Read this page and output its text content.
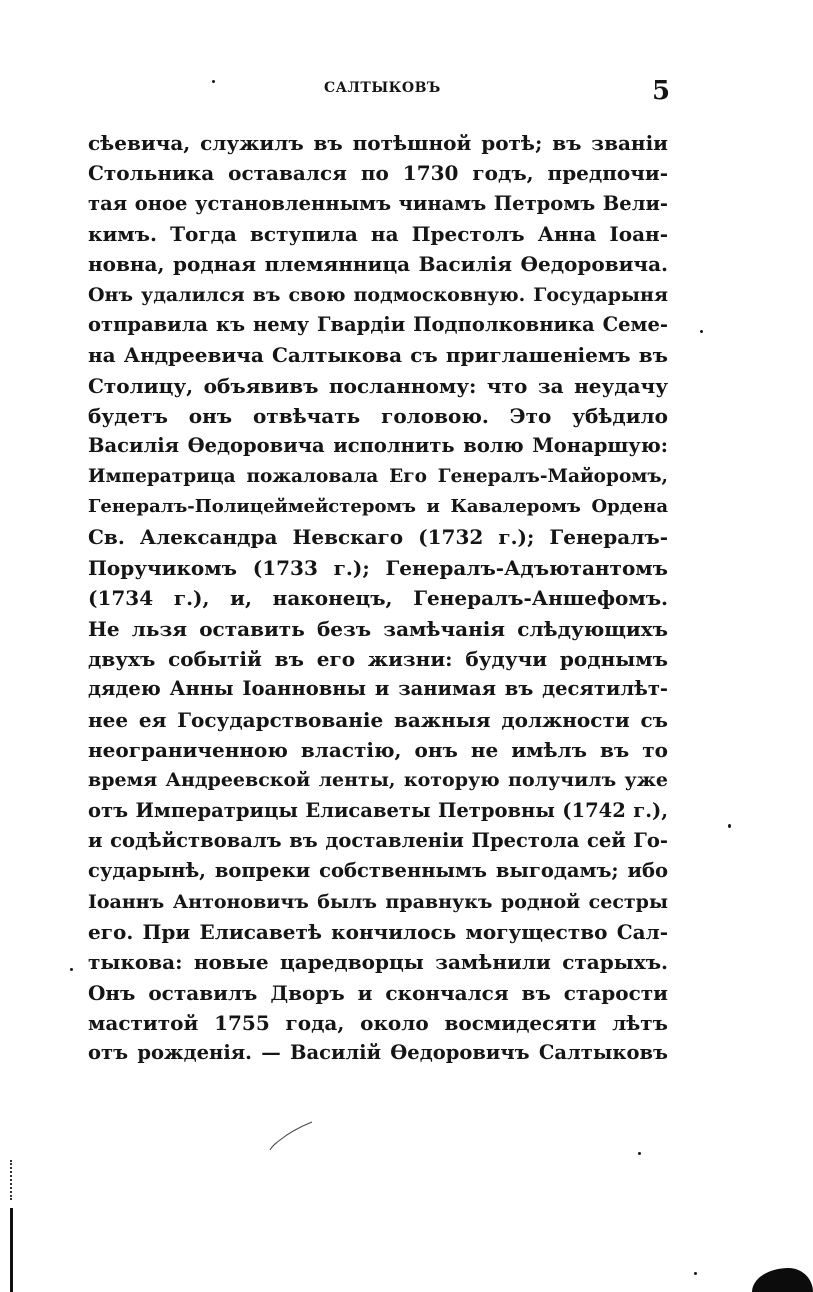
САЛТЫКОВЪ	5
сѣевича, служилъ въ потѣшной ротѣ; въ званіи
Стольника оставался по 1730 годъ, предпочи-
тая оное установленнымъ чинамъ Петромъ Вели-
кимъ. Тогда вступила на Престолъ Анна Іоан-
новна, родная племянница Василія Ѳедоровича.
Онъ удалился въ свою подмосковную. Государыня
отправила къ нему Гвардіи Подполковника Семе-
на Андреевича Салтыкова съ приглашеніемъ въ
Столицу, объявивъ посланному: что за неудачу
будетъ онъ отвѣчать головою. Это убѣдило
Василія Ѳедоровича исполнить волю Монаршую:
Императрица пожаловала Его Генералъ-Майоромъ,
Генералъ-Полицеймейстеромъ и Кавалеромъ Ордена
Св. Александра Невскаго (1732 г.); Генералъ-
Поручикомъ (1733 г.); Генералъ-Адъютантомъ
(1734 г.), и, наконецъ, Генералъ-Аншефомъ.
Не льзя оставить безъ замѣчанія слѣдующихъ
двухъ событій въ его жизни: будучи роднымъ
дядею Анны Іоанновны и занимая въ десятилѣт-
нее ея Государствованіе важныя должности съ
неограниченною властію, онъ не имѣлъ въ то
время Андреевской ленты, которую получилъ уже
отъ Императрицы Елисаветы Петровны (1742 г.),
и содѣйствовалъ въ доставленіи Престола сей Го-
сударынѣ, вопреки собственнымъ выгодамъ; ибо
Іоаннъ Антоновичъ былъ правнукъ родной сестры
его. При Елисаветѣ кончилось могущество Сал-
тыкова: новые царедворцы замѣнили старыхъ.
Онъ оставилъ Дворъ и скончался въ старости
маститой 1755 года, около восмидесяти лѣтъ
отъ рожденія. — Василій Ѳедоровичъ Салтыковъ
